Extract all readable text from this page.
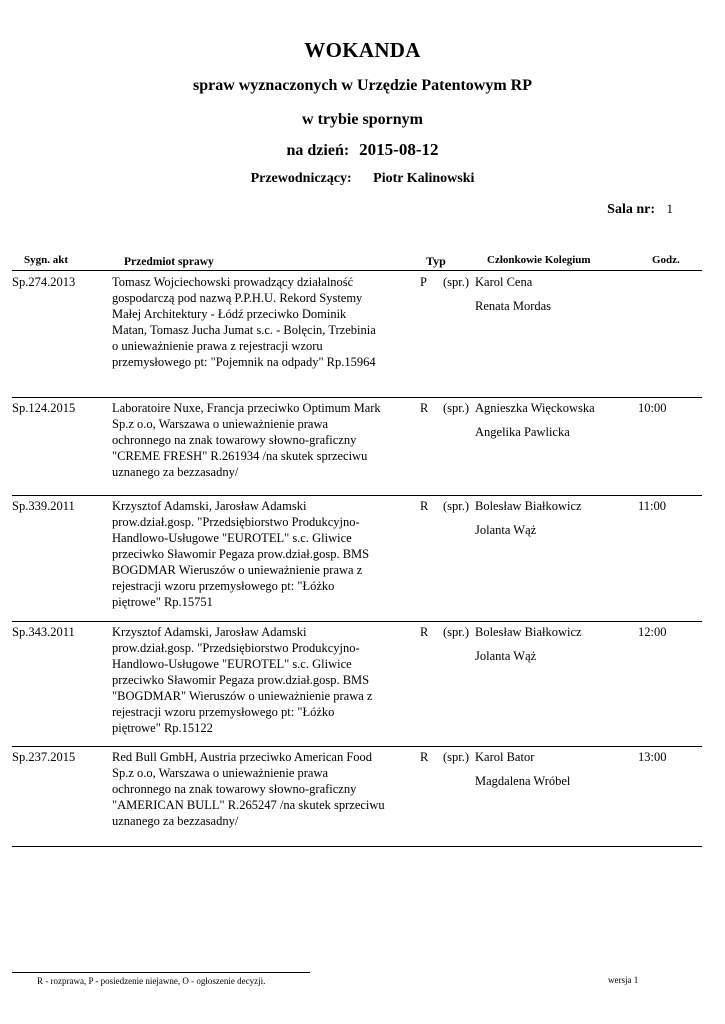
WOKANDA
spraw wyznaczonych w Urzędzie Patentowym RP
w trybie spornym
na dzień: 2015-08-12
Przewodniczący: Piotr Kalinowski
Sala nr: 1
Sygn. akt	Przedmiot sprawy	Typ	Członkowie Kolegium	Godz.
Sp.274.2013	Tomasz Wojciechowski prowadzący działalność
gospodarczą pod nazwą P.P.H.U. Rekord Systemy
Małej Architektury - Łódź przeciwko Dominik
Matan, Tomasz Jucha Jumat s.c. - Bolęcin, Trzebinia
o unieważnienie prawa z rejestracji wzoru
przemysłowego pt: "Pojemnik na odpady" Rp.15964
P (spr.) Karol Cena
Renata Mordas
Sp.124.2015	Laboratoire Nuxe, Francja przeciwko Optimum Mark
Sp.z o.o, Warszawa o unieważnienie prawa
ochronnego na znak towarowy słowno-graficzny
"CREME FRESH" R.261934 /na skutek sprzeciwu
uznanego za bezzasadny/
R (spr.) Agnieszka Więckowska
Angelika Pawlicka
10:00
Sp.339.2011	Krzysztof Adamski, Jarosław Adamski
prow.dział.gosp. "Przedsiębiorstwo Produkcyjno-
Handlowo-Usługowe "EUROTEL" s.c. Gliwice
przeciwko Sławomir Pegaza prow.dział.gosp. BMS
BOGDMAR Wieruszów o unieważnienie prawa z
rejestracji wzoru przemysłowego pt: "Łóżko
piętrowe" Rp.15751
R (spr.) Bolesław Białkowicz
Jolanta Wąż
11:00
Sp.343.2011	Krzysztof Adamski, Jarosław Adamski
prow.dział.gosp. "Przedsiębiorstwo Produkcyjno-
Handlowo-Usługowe "EUROTEL" s.c. Gliwice
przeciwko Sławomir Pegaza prow.dział.gosp. BMS
"BOGDMAR" Wieruszów o unieważnienie prawa z
rejestracji wzoru przemysłowego pt: "Łóżko
piętrowe" Rp.15122
R (spr.) Bolesław Białkowicz
Jolanta Wąż
12:00
Sp.237.2015	Red Bull GmbH, Austria przeciwko American Food
Sp.z o.o, Warszawa o unieważnienie prawa
ochronnego na znak towarowy słowno-graficzny
"AMERICAN BULL" R.265247 /na skutek sprzeciwu
uznanego za bezzasadny/
R (spr.) Karol Bator
Magdalena Wróbel
13:00
R - rozprawa, P - posiedzenie niejawne, O - ogłoszenie decyzji.	wersja 1
